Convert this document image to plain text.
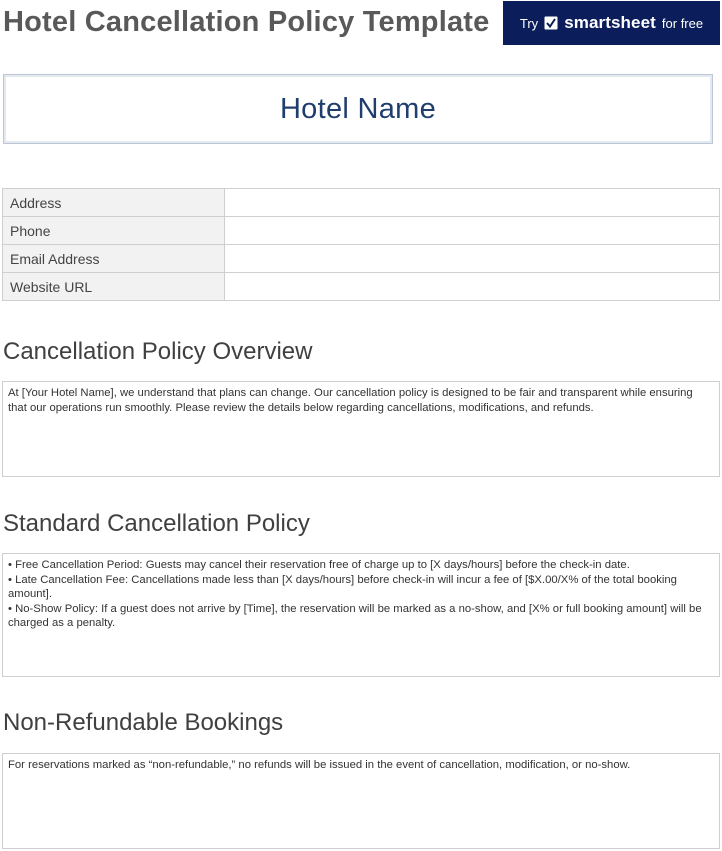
Hotel Cancellation Policy Template Try smartsheet for free
Hotel Name
Address	
Phone	
Email Address	
Website URL	
Cancellation Policy Overview

At [Your Hotel Name], we understand that plans can change. Our cancellation policy is designed to be fair and transparent while ensuring that our operations run smoothly. Please review the details below regarding cancellations, modifications, and refunds.

Standard Cancellation Policy

• Free Cancellation Period: Guests may cancel their reservation free of charge up to [X days/hours] before the check-in date.

• Late Cancellation Fee: Cancellations made less than [X days/hours] before check-in will incur a fee of [$X.00/X% of the total booking amount].

• No-Show Policy: If a guest does not arrive by [Time], the reservation will be marked as a no-show, and [X% or full booking amount] will be charged as a penalty.

Non-Refundable Bookings

For reservations marked as “non-refundable,” no refunds will be issued in the event of cancellation, modification, or no-show.
